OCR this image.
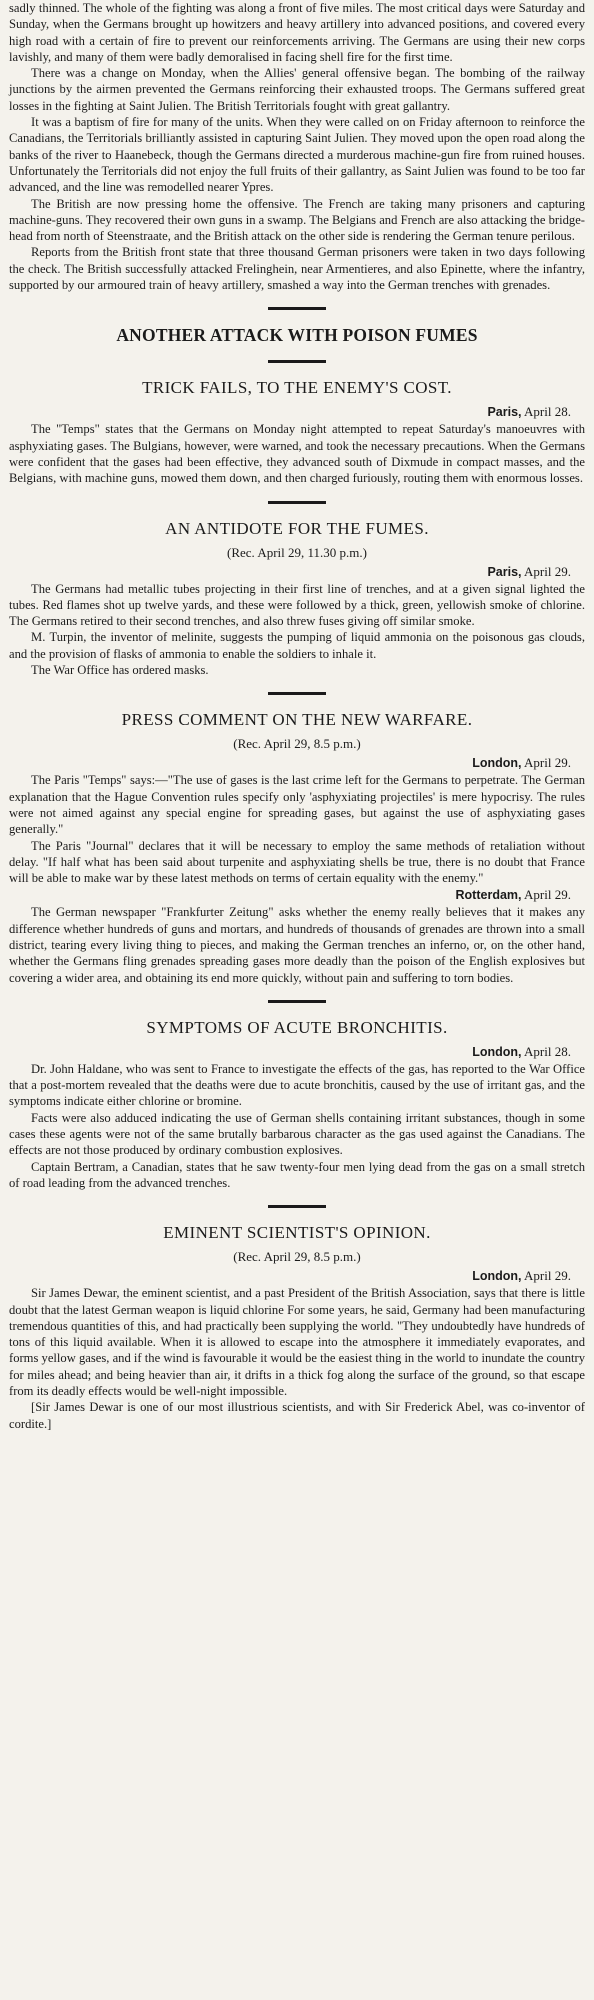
sadly thinned. The whole of the fighting was along a front of five miles. The most critical days were Saturday and Sunday, when the Germans brought up howitzers and heavy artillery into advanced positions, and covered every high road with a certain of fire to prevent our reinforcements arriving. The Germans are using their new corps lavishly, and many of them were badly demoralised in facing shell fire for the first time.

There was a change on Monday, when the Allies' general offensive began. The bombing of the railway junctions by the airmen prevented the Germans reinforcing their exhausted troops. The Germans suffered great losses in the fighting at Saint Julien. The British Territorials fought with great gallantry.

It was a baptism of fire for many of the units. When they were called on on Friday afternoon to reinforce the Canadians, the Territorials brilliantly assisted in capturing Saint Julien. They moved upon the open road along the banks of the river to Haanebeck, though the Germans directed a murderous machine-gun fire from ruined houses. Unfortunately the Territorials did not enjoy the full fruits of their gallantry, as Saint Julien was found to be too far advanced, and the line was remodelled nearer Ypres.

The British are now pressing home the offensive. The French are taking many prisoners and capturing machine-guns. They recovered their own guns in a swamp. The Belgians and French are also attacking the bridge-head from north of Steenstraate, and the British attack on the other side is rendering the German tenure perilous.

Reports from the British front state that three thousand German prisoners were taken in two days following the check. The British successfully attacked Frelinghein, near Armentieres, and also Epinette, where the infantry, supported by our armoured train of heavy artillery, smashed a way into the German trenches with grenades.

ANOTHER ATTACK WITH POISON FUMES
TRICK FAILS, TO THE ENEMY'S COST.
Paris, April 28.

The "Temps" states that the Germans on Monday night attempted to repeat Saturday's manoeuvres with asphyxiating gases. The Bulgians, however, were warned, and took the necessary precautions. When the Germans were confident that the gases had been effective, they advanced south of Dixmude in compact masses, and the Belgians, with machine guns, mowed them down, and then charged furiously, routing them with enormous losses.

AN ANTIDOTE FOR THE FUMES.
(Rec. April 29, 11.30 p.m.)
Paris, April 29.

The Germans had metallic tubes projecting in their first line of trenches, and at a given signal lighted the tubes. Red flames shot up twelve yards, and these were followed by a thick, green, yellowish smoke of chlorine. The Germans retired to their second trenches, and also threw fuses giving off similar smoke.

M. Turpin, the inventor of melinite, suggests the pumping of liquid ammonia on the poisonous gas clouds, and the provision of flasks of ammonia to enable the soldiers to inhale it.

The War Office has ordered masks.

PRESS COMMENT ON THE NEW WARFARE.
(Rec. April 29, 8.5 p.m.)
London, April 29.

The Paris "Temps" says:—"The use of gases is the last crime left for the Germans to perpetrate. The German explanation that the Hague Convention rules specify only 'asphyxiating projectiles' is mere hypocrisy. The rules were not aimed against any special engine for spreading gases, but against the use of asphyxiating gases generally."

The Paris "Journal" declares that it will be necessary to employ the same methods of retaliation without delay. "If half what has been said about turpenite and asphyxiating shells be true, there is no doubt that France will be able to make war by these latest methods on terms of certain equality with the enemy."

Rotterdam, April 29.

The German newspaper "Frankfurter Zeitung" asks whether the enemy really believes that it makes any difference whether hundreds of guns and mortars, and hundreds of thousands of grenades are thrown into a small district, tearing every living thing to pieces, and making the German trenches an inferno, or, on the other hand, whether the Germans fling grenades spreading gases more deadly than the poison of the English explosives but covering a wider area, and obtaining its end more quickly, without pain and suffering to torn bodies.

SYMPTOMS OF ACUTE BRONCHITIS.
London, April 28.

Dr. John Haldane, who was sent to France to investigate the effects of the gas, has reported to the War Office that a post-mortem revealed that the deaths were due to acute bronchitis, caused by the use of irritant gas, and the symptoms indicate either chlorine or bromine.

Facts were also adduced indicating the use of German shells containing irritant substances, though in some cases these agents were not of the same brutally barbarous character as the gas used against the Canadians. The effects are not those produced by ordinary combustion explosives.

Captain Bertram, a Canadian, states that he saw twenty-four men lying dead from the gas on a small stretch of road leading from the advanced trenches.

EMINENT SCIENTIST'S OPINION.
(Rec. April 29, 8.5 p.m.)
London, April 29.

Sir James Dewar, the eminent scientist, and a past President of the British Association, says that there is little doubt that the latest German weapon is liquid chlorine For some years, he said, Germany had been manufacturing tremendous quantities of this, and had practically been supplying the world. "They undoubtedly have hundreds of tons of this liquid available. When it is allowed to escape into the atmosphere it immediately evaporates, and forms yellow gases, and if the wind is favourable it would be the easiest thing in the world to inundate the country for miles ahead; and being heavier than air, it drifts in a thick fog along the surface of the ground, so that escape from its deadly effects would be well-night impossible.

[Sir James Dewar is one of our most illustrious scientists, and with Sir Frederick Abel, was co-inventor of cordite.]
